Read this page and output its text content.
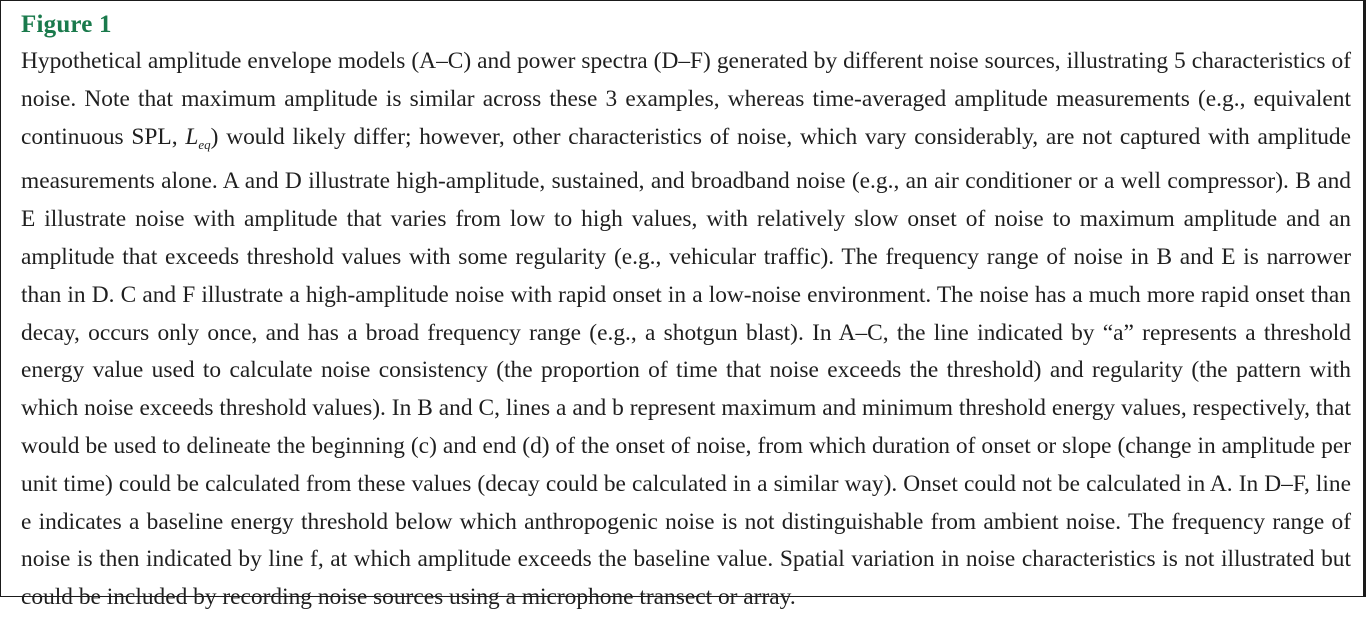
Figure 1

Hypothetical amplitude envelope models (A–C) and power spectra (D–F) generated by different noise sources, illustrating 5 characteristics of noise. Note that maximum amplitude is similar across these 3 examples, whereas time-averaged amplitude measurements (e.g., equivalent continuous SPL, $L_{eq}$) would likely differ; however, other characteristics of noise, which vary considerably, are not captured with amplitude measurements alone. A and D illustrate high-amplitude, sustained, and broadband noise (e.g., an air conditioner or a well compressor). B and E illustrate noise with amplitude that varies from low to high values, with relatively slow onset of noise to maximum amplitude and an amplitude that exceeds threshold values with some regularity (e.g., vehicular traffic). The frequency range of noise in B and E is narrower than in D. C and F illustrate a high-amplitude noise with rapid onset in a low-noise environment. The noise has a much more rapid onset than decay, occurs only once, and has a broad frequency range (e.g., a shotgun blast). In A–C, the line indicated by “a” represents a threshold energy value used to calculate noise consistency (the proportion of time that noise exceeds the threshold) and regularity (the pattern with which noise exceeds threshold values). In B and C, lines a and b represent maximum and minimum threshold energy values, respectively, that would be used to delineate the beginning (c) and end (d) of the onset of noise, from which duration of onset or slope (change in amplitude per unit time) could be calculated from these values (decay could be calculated in a similar way). Onset could not be calculated in A. In D–F, line e indicates a baseline energy threshold below which anthropogenic noise is not distinguishable from ambient noise. The frequency range of noise is then indicated by line f, at which amplitude exceeds the baseline value. Spatial variation in noise characteristics is not illustrated but could be included by recording noise sources using a microphone transect or array.
